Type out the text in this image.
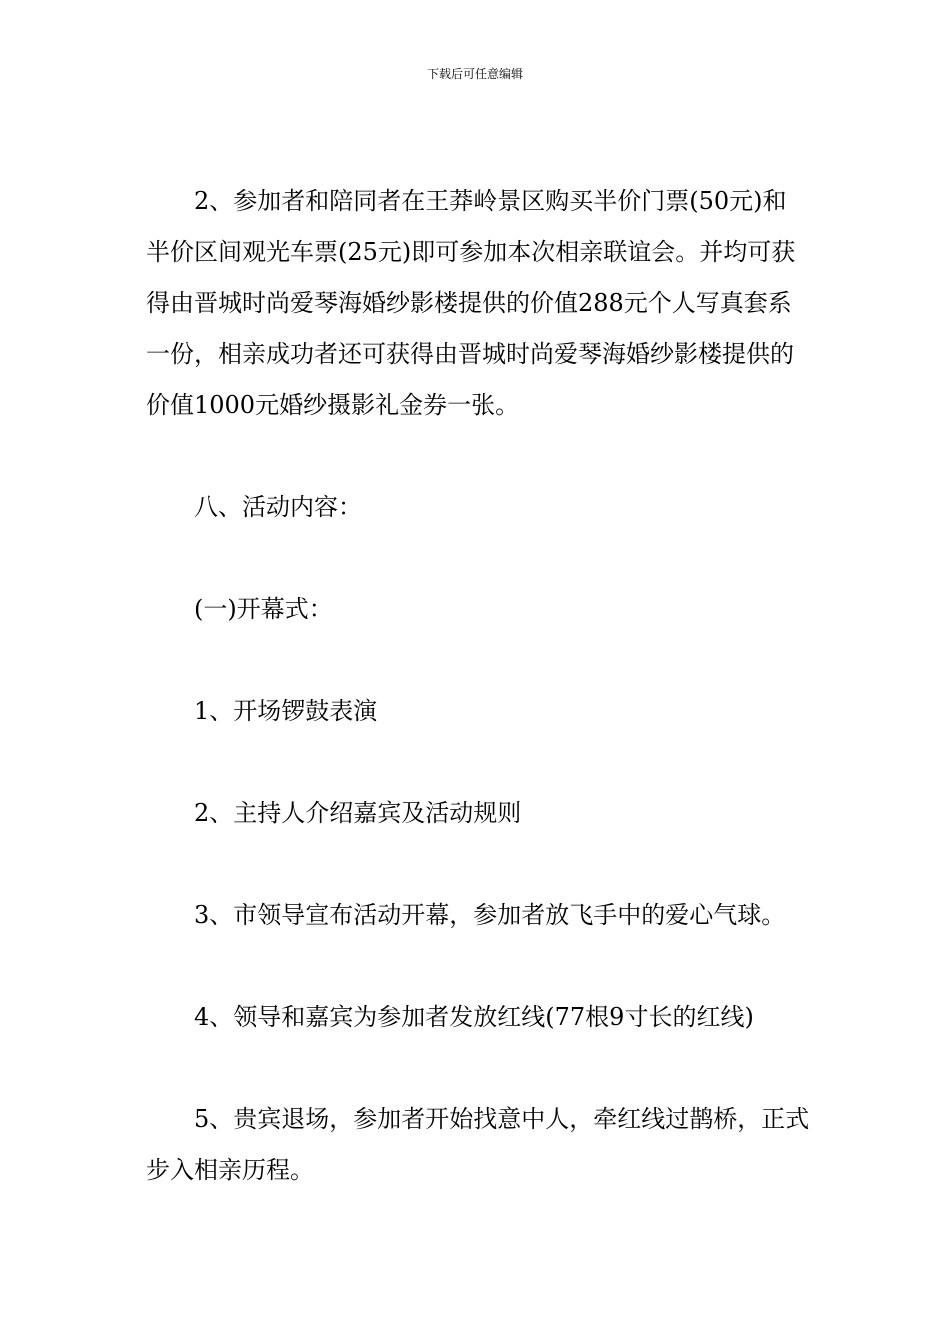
下载后可任意编辑

2、参加者和陪同者在王莽岭景区购买半价门票(50元)和半价区间观光车票(25元)即可参加本次相亲联谊会。并均可获得由晋城时尚爱琴海婚纱影楼提供的价值288元个人写真套系一份，相亲成功者还可获得由晋城时尚爱琴海婚纱影楼提供的价值1000元婚纱摄影礼金券一张。

八、活动内容：

(一)开幕式：

1、开场锣鼓表演

2、主持人介绍嘉宾及活动规则

3、市领导宣布活动开幕，参加者放飞手中的爱心气球。

4、领导和嘉宾为参加者发放红线(77根9寸长的红线)

5、贵宾退场，参加者开始找意中人，牵红线过鹊桥，正式步入相亲历程。
